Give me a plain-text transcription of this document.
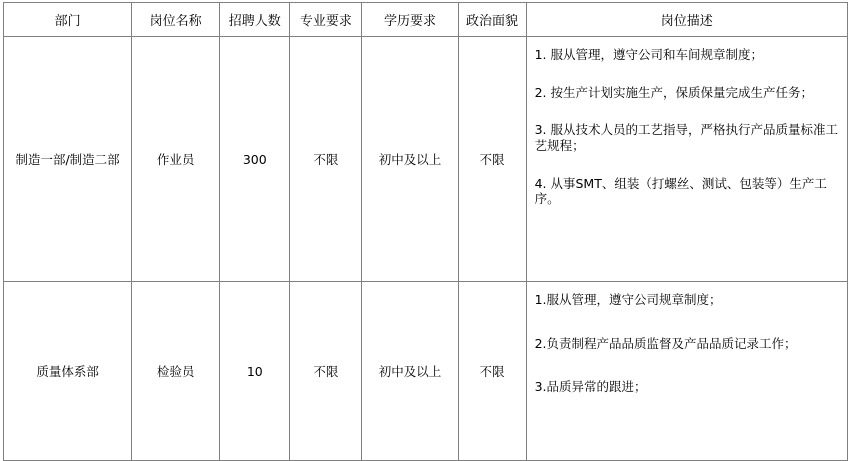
部门	岗位名称	招聘人数	专业要求	学历要求	政治面貌	岗位描述
制造一部/制造二部	作业员	300	不限	初中及以上	不限	1. 服从管理，遵守公司和车间规章制度；

2. 按生产计划实施生产，保质保量完成生产任务；

3. 服从技术人员的工艺指导，严格执行产品质量标准工艺规程；

4. 从事SMT、组装（打螺丝、测试、包装等）生产工序。

质量体系部	检验员	10	不限	初中及以上	不限	1.服从管理，遵守公司规章制度；

2.负责制程产品品质监督及产品品质记录工作；

3.品质异常的跟进；
